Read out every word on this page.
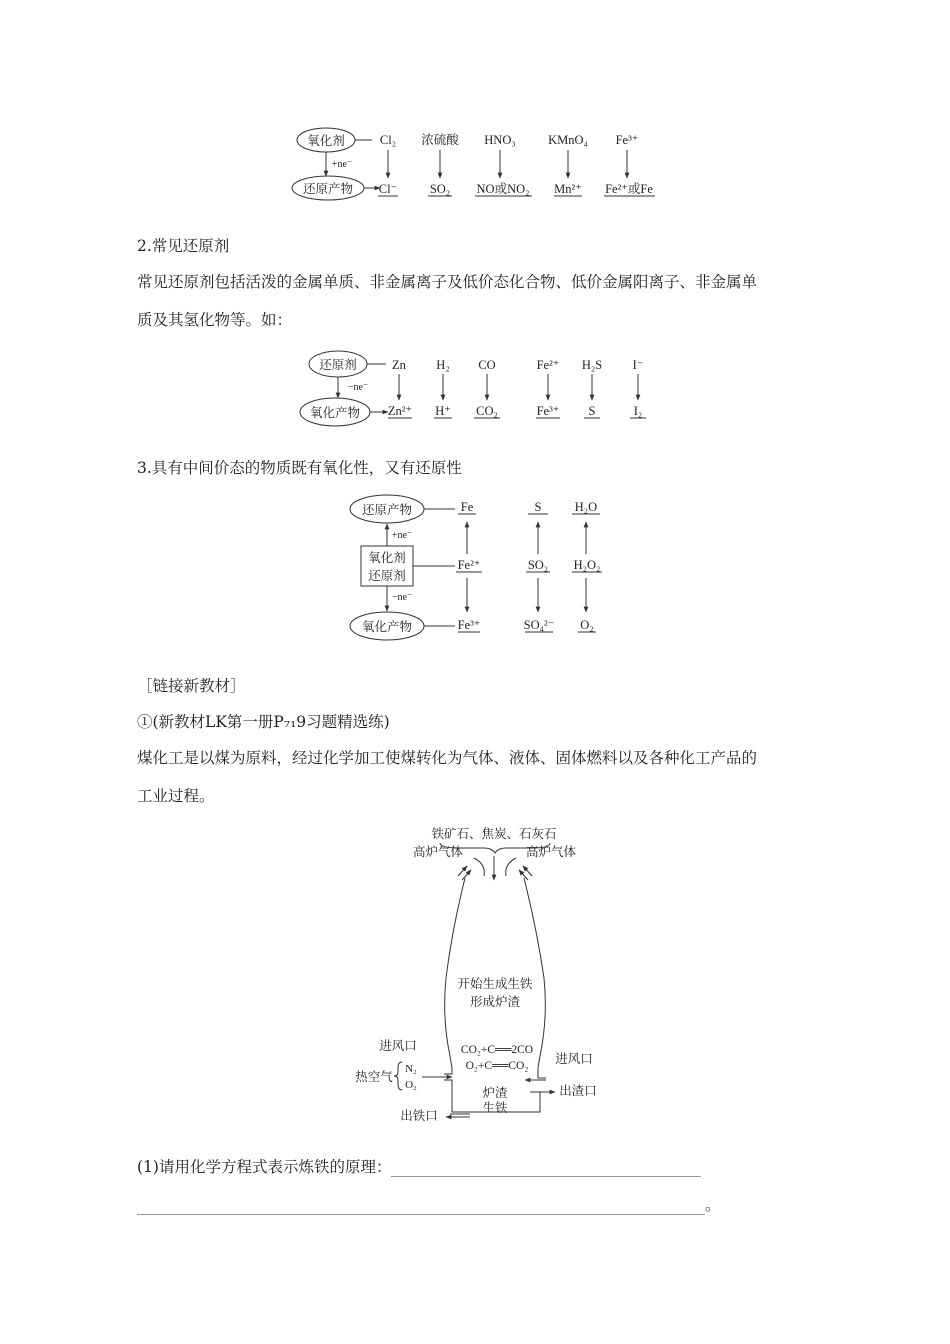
氧化剂
还原产物
+ne⁻
Cl₂ 浓硫酸 HNO₃	KMnO₄ Fe³⁺
Cl⁻	SO₂ NO或NO₂ Mn²⁺ Fe²⁺或Fe
还原剂
氧化产物
−ne⁻
Zn H₂ CO	Fe²⁺ H₂S I⁻
Zn²⁺ H⁺ CO₂	Fe³⁺ S	I₂
还原产物
氧化剂
还原剂
氧化产物
+ne⁻
−ne⁻
Fe	S	H₂O
Fe²⁺	SO₂ H₂O₂
Fe³⁺	SO₄²⁻ O₂
铁矿石、焦炭、石灰石
高炉气体	高炉气体
开始生成生铁
形成炉渣
CO₂+C══2CO
O₂+C══CO₂
进风口
热空气
N₂
O₂
进风口
出渣口
出铁口
炉渣
生铁
2.常见还原剂
常见还原剂包括活泼的金属单质、非金属离子及低价态化合物、低价金属阳离子、非金属单
质及其氢化物等。如：
3.具有中间价态的物质既有氧化性，又有还原性
［链接新教材］
①(新教材LK第一册P₇₁9习题精选练)
煤化工是以煤为原料，经过化学加工使煤转化为气体、液体、固体燃料以及各种化工产品的
工业过程。
(1)请用化学方程式表示炼铁的原理：
。
